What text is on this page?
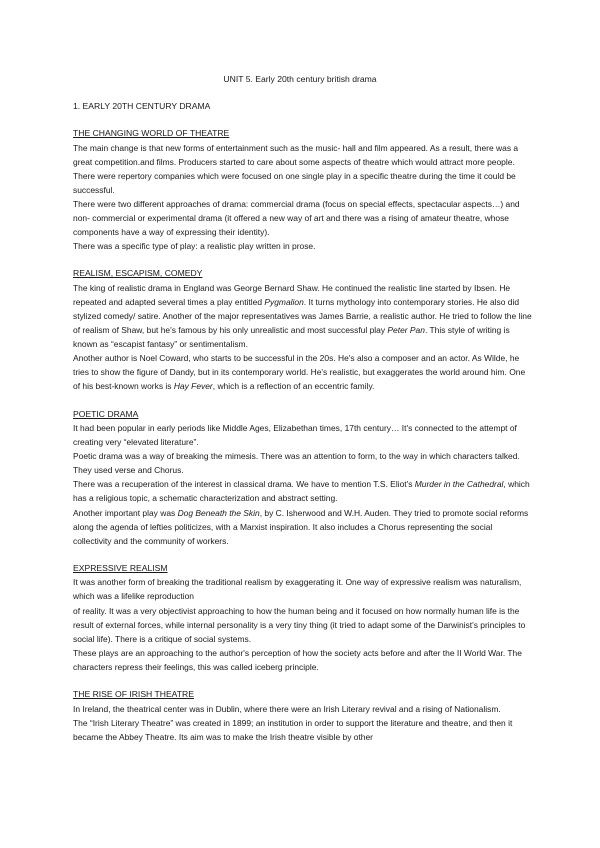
UNIT 5. Early 20th century british drama
1. EARLY 20TH CENTURY DRAMA
THE CHANGING WORLD OF THEATRE

The main change is that new forms of entertainment such as the music- hall and film appeared. As a result, there was a great competition.and films. Producers started to care about some aspects of theatre which would attract more people. There were repertory companies which were focused on one single play in a specific theatre during the time it could be successful.

There were two different approaches of drama: commercial drama (focus on special effects, spectacular aspects…) and non- commercial or experimental drama (it offered a new way of art and there was a rising of amateur theatre, whose components have a way of expressing their identity).

There was a specific type of play: a realistic play written in prose.

REALISM, ESCAPISM, COMEDY

The king of realistic drama in England was George Bernard Shaw. He continued the realistic line started by Ibsen. He repeated and adapted several times a play entitled Pygmalion. It turns mythology into contemporary stories. He also did stylized comedy/ satire. Another of the major representatives was James Barrie, a realistic author. He tried to follow the line of realism of Shaw, but he's famous by his only unrealistic and most successful play Peter Pan. This style of writing is known as “escapist fantasy” or sentimentalism.

Another author is Noel Coward, who starts to be successful in the 20s. He's also a composer and an actor. As Wilde, he tries to show the figure of Dandy, but in its contemporary world. He's realistic, but exaggerates the world around him. One of his best-known works is Hay Fever, which is a reflection of an eccentric family.

POETIC DRAMA

It had been popular in early periods like Middle Ages, Elizabethan times, 17th century… It's connected to the attempt of creating very “elevated literature”.

Poetic drama was a way of breaking the mimesis. There was an attention to form, to the way in which characters talked. They used verse and Chorus.

There was a recuperation of the interest in classical drama. We have to mention T.S. Eliot's Murder in the Cathedral, which has a religious topic, a schematic characterization and abstract setting.

Another important play was Dog Beneath the Skin, by C. Isherwood and W.H. Auden. They tried to promote social reforms along the agenda of lefties politicizes, with a Marxist inspiration. It also includes a Chorus representing the social collectivity and the community of workers.

EXPRESSIVE REALISM

It was another form of breaking the traditional realism by exaggerating it. One way of expressive realism was naturalism, which was a lifelike reproduction

of reality. It was a very objectivist approaching to how the human being and it focused on how normally human life is the result of external forces, while internal personality is a very tiny thing (it tried to adapt some of the Darwinist's principles to social life). There is a critique of social systems.

These plays are an approaching to the author's perception of how the society acts before and after the II World War. The characters repress their feelings, this was called iceberg principle.

THE RISE OF IRISH THEATRE

In Ireland, the theatrical center was in Dublin, where there were an Irish Literary revival and a rising of Nationalism.

The “Irish Literary Theatre” was created in 1899; an institution in order to support the literature and theatre, and then it became the Abbey Theatre. Its aim was to make the Irish theatre visible by other
